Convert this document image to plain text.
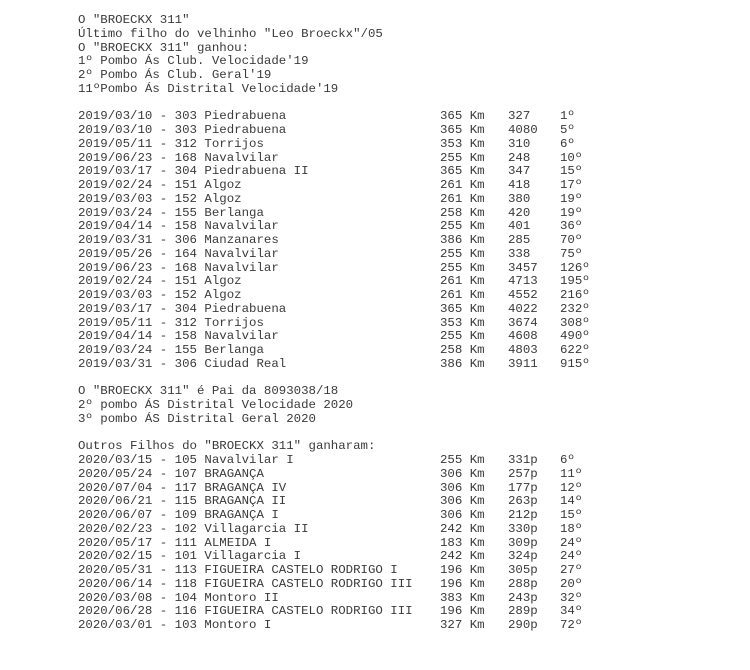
O "BROECKX 311"
Último filho do velhinho "Leo Broeckx"/05
O "BROECKX 311" ganhou:
1º Pombo Ás Club. Velocidade'19
2º Pombo Ás Club. Geral'19
11ºPombo Ás Distrital Velocidade'19
2019/03/10 - 303 Piedrabuena	365 Km 327 1º
2019/03/10 - 303 Piedrabuena	365 Km 4080 5º
2019/05/11 - 312 Torrijos	353 Km 310 6º
2019/06/23 - 168 Navalvilar	255 Km 248 10º
2019/03/17 - 304 Piedrabuena II	365 Km 347 15º
2019/02/24 - 151 Algoz	261 Km 418 17º
2019/03/03 - 152 Algoz	261 Km 380 19º
2019/03/24 - 155 Berlanga	258 Km 420 19º
2019/04/14 - 158 Navalvilar	255 Km 401 36º
2019/03/31 - 306 Manzanares	386 Km 285 70º
2019/05/26 - 164 Navalvilar	255 Km 338 75º
2019/06/23 - 168 Navalvilar	255 Km 3457 126º
2019/02/24 - 151 Algoz	261 Km 4713 195º
2019/03/03 - 152 Algoz	261 Km 4552 216º
2019/03/17 - 304 Piedrabuena	365 Km 4022 232º
2019/05/11 - 312 Torrijos	353 Km 3674 308º
2019/04/14 - 158 Navalvilar	255 Km 4608 490º
2019/03/24 - 155 Berlanga	258 Km 4803 622º
2019/03/31 - 306 Ciudad Real	386 Km 3911 915º
O "BROECKX 311" é Pai da 8093038/18
2º pombo ÁS Distrital Velocidade 2020
3º pombo ÁS Distrital Geral 2020
Outros Filhos do "BROECKX 311" ganharam:
2020/03/15 - 105 Navalvilar I	255 Km 331p 6º
2020/05/24 - 107 BRAGANÇA	306 Km 257p 11º
2020/07/04 - 117 BRAGANÇA IV	306 Km 177p 12º
2020/06/21 - 115 BRAGANÇA II	306 Km 263p 14º
2020/06/07 - 109 BRAGANÇA I	306 Km 212p 15º
2020/02/23 - 102 Villagarcia II	242 Km 330p 18º
2020/05/17 - 111 ALMEIDA I	183 Km 309p 24º
2020/02/15 - 101 Villagarcia I	242 Km 324p 24º
2020/05/31 - 113 FIGUEIRA CASTELO RODRIGO I	196 Km 305p 27º
2020/06/14 - 118 FIGUEIRA CASTELO RODRIGO III 196 Km 288p 20º
2020/03/08 - 104 Montoro II	383 Km 243p 32º
2020/06/28 - 116 FIGUEIRA CASTELO RODRIGO III 196 Km 289p 34º
2020/03/01 - 103 Montoro I	327 Km 290p 72º
